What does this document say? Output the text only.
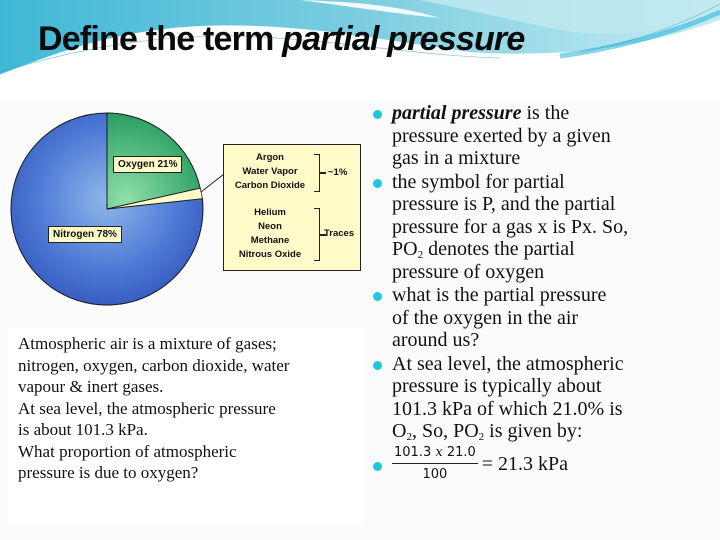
Define the term partial pressure
Oxygen 21%
Nitrogen 78%
Argon
Water Vapor
Carbon Dioxide
~1%
Helium
Neon
Methane
Nitrous Oxide
Traces
Atmospheric air is a mixture of gases;
nitrogen, oxygen, carbon dioxide, water
vapour & inert gases.
At sea level, the atmospheric pressure
is about 101.3 kPa.
What proportion of atmospheric
pressure is due to oxygen?
partial pressure is the
pressure exerted by a given
gas in a mixture
the symbol for partial
pressure is P, and the partial
pressure for a gas x is Px. So,
$PO_2$ denotes the partial
pressure of oxygen
what is the partial pressure
of the oxygen in the air
around us?
At sea level, the atmospheric
pressure is typically about
101.3 kPa of which 21.0% is
$O_2$, So, $PO_2$ is given by:
$\frac{101.3 x 21.0}{100} = 21.3$ kPa
